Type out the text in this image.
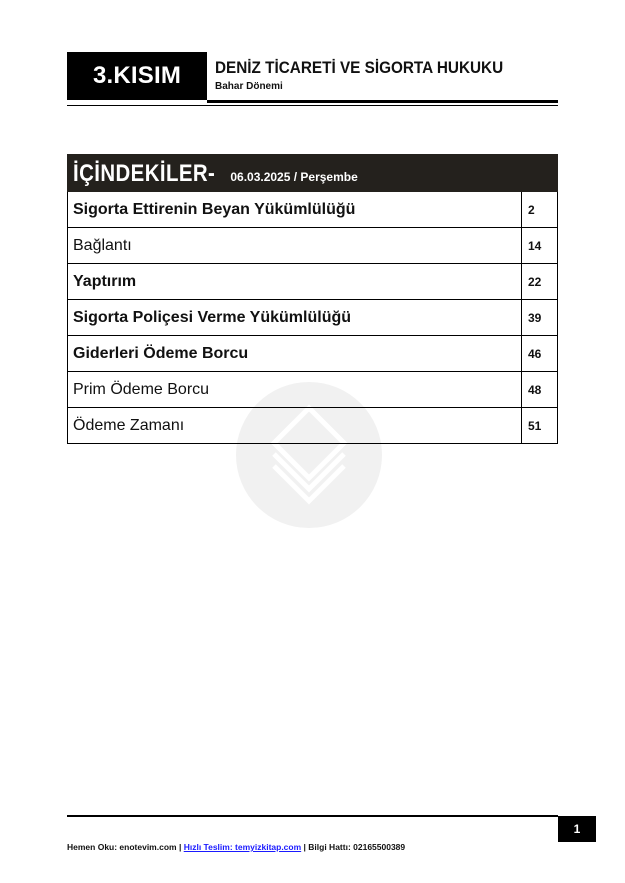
3.KISIM	DENİZ TİCARETİ VE SİGORTA HUKUKU
Bahar Dönemi
İÇİNDEKİLER- 06.03.2025 / Perşembe
Sigorta Ettirenin Beyan Yükümlülüğü	2
Bağlantı	14
Yaptırım	22
Sigorta Poliçesi Verme Yükümlülüğü	39
Giderleri Ödeme Borcu	46
Prim Ödeme Borcu	48
Ödeme Zamanı	51
1
Hemen Oku: enotevim.com | Hızlı Teslim: temyizkitap.com | Bilgi Hattı: 02165500389
